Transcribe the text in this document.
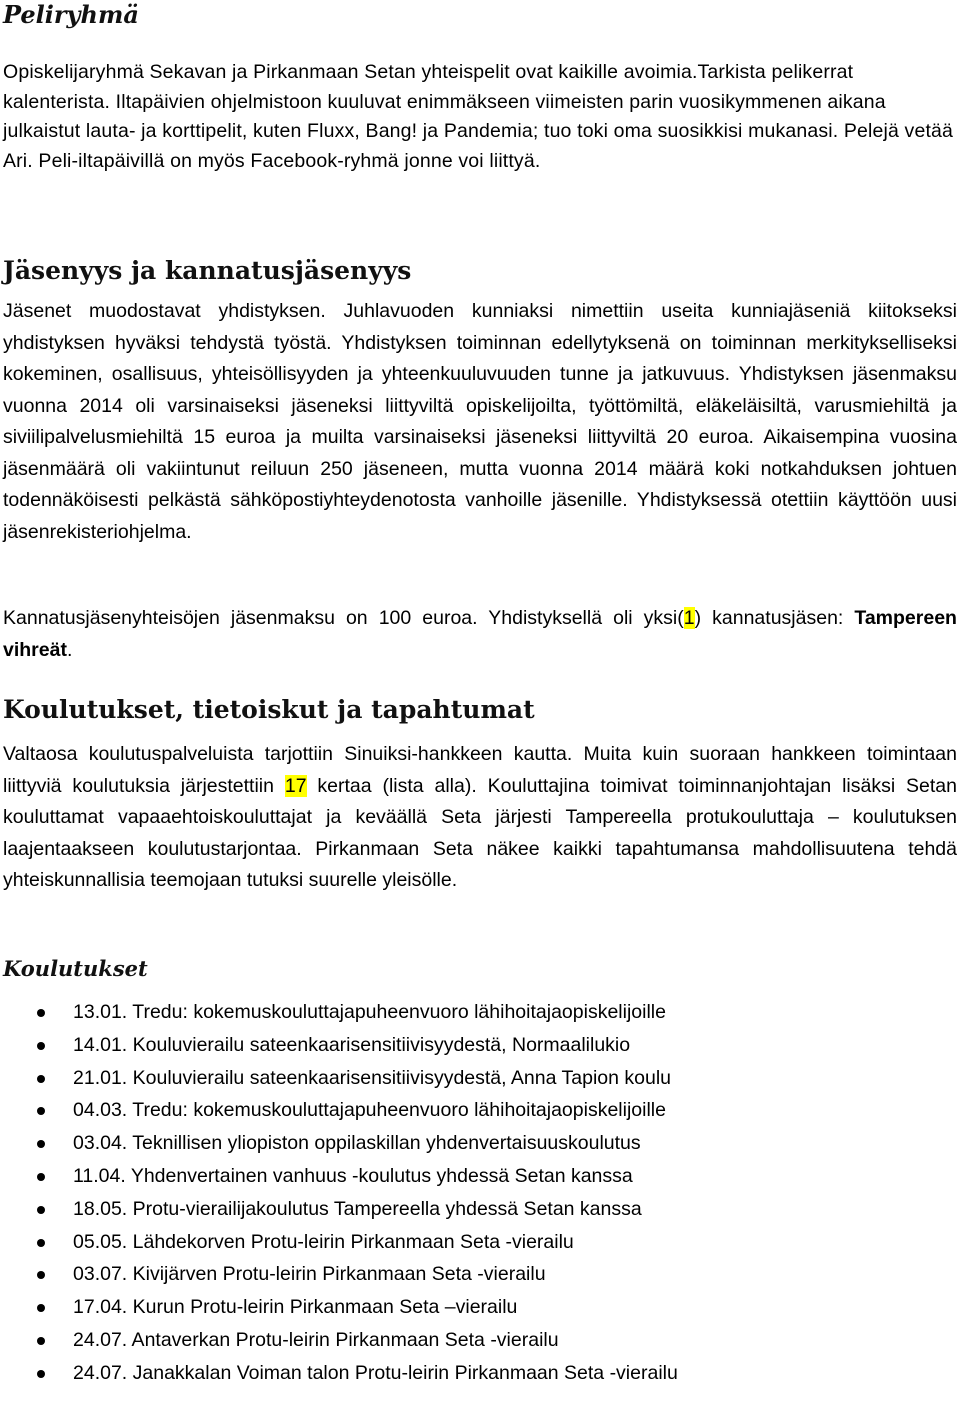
Peliryhmä

Opiskelijaryhmä Sekavan ja Pirkanmaan Setan yhteispelit ovat kaikille avoimia.Tarkista pelikerrat kalenterista. Iltapäivien ohjelmistoon kuuluvat enimmäkseen viimeisten parin vuosikymmenen aikana julkaistut lauta- ja korttipelit, kuten Fluxx, Bang! ja Pandemia; tuo toki oma suosikkisi mukanasi. Pelejä vetää Ari. Peli-iltapäivillä on myös Facebook-ryhmä jonne voi liittyä.

Jäsenyys ja kannatusjäsenyys

Jäsenet muodostavat yhdistyksen. Juhlavuoden kunniaksi nimettiin useita kunniajäseniä kiitokseksi yhdistyksen hyväksi tehdystä työstä. Yhdistyksen toiminnan edellytyksenä on toiminnan merkitykselliseksi kokeminen, osallisuus, yhteisöllisyyden ja yhteenkuuluvuuden tunne ja jatkuvuus. Yhdistyksen jäsenmaksu vuonna 2014 oli varsinaiseksi jäseneksi liittyviltä opiskelijoilta, työttömiltä, eläkeläisiltä, varusmiehiltä ja siviilipalvelusmiehiltä 15 euroa ja muilta varsinaiseksi jäseneksi liittyviltä 20 euroa. Aikaisempina vuosina jäsenmäärä oli vakiintunut reiluun 250 jäseneen, mutta vuonna 2014 määrä koki notkahduksen johtuen todennäköisesti pelkästä sähköpostiyhteydenotosta vanhoille jäsenille. Yhdistyksessä otettiin käyttöön uusi jäsenrekisteriohjelma.

Kannatusjäsenyhteisöjen jäsenmaksu on 100 euroa. Yhdistyksellä oli yksi(1) kannatusjäsen: Tampereen vihreät.

Koulutukset, tietoiskut ja tapahtumat

Valtaosa koulutuspalveluista tarjottiin Sinuiksi-hankkeen kautta. Muita kuin suoraan hankkeen toimintaan liittyviä koulutuksia järjestettiin 17 kertaa (lista alla). Kouluttajina toimivat toiminnanjohtajan lisäksi Setan kouluttamat vapaaehtoiskouluttajat ja keväällä Seta järjesti Tampereella protukouluttaja – koulutuksen laajentaakseen koulutustarjontaa. Pirkanmaan Seta näkee kaikki tapahtumansa mahdollisuutena tehdä yhteiskunnallisia teemojaan tutuksi suurelle yleisölle.

Koulutukset
13.01. Tredu: kokemuskouluttajapuheenvuoro lähihoitajaopiskelijoille
14.01. Kouluvierailu sateenkaarisensitiivisyydestä, Normaalilukio
21.01. Kouluvierailu sateenkaarisensitiivisyydestä, Anna Tapion koulu
04.03. Tredu: kokemuskouluttajapuheenvuoro lähihoitajaopiskelijoille
03.04. Teknillisen yliopiston oppilaskillan yhdenvertaisuuskoulutus
11.04. Yhdenvertainen vanhuus -koulutus yhdessä Setan kanssa
18.05. Protu-vierailijakoulutus Tampereella yhdessä Setan kanssa
05.05. Lähdekorven Protu-leirin Pirkanmaan Seta -vierailu
03.07. Kivijärven Protu-leirin Pirkanmaan Seta -vierailu
17.04. Kurun Protu-leirin Pirkanmaan Seta –vierailu
24.07. Antaverkan Protu-leirin Pirkanmaan Seta -vierailu
24.07. Janakkalan Voiman talon Protu-leirin Pirkanmaan Seta -vierailu
